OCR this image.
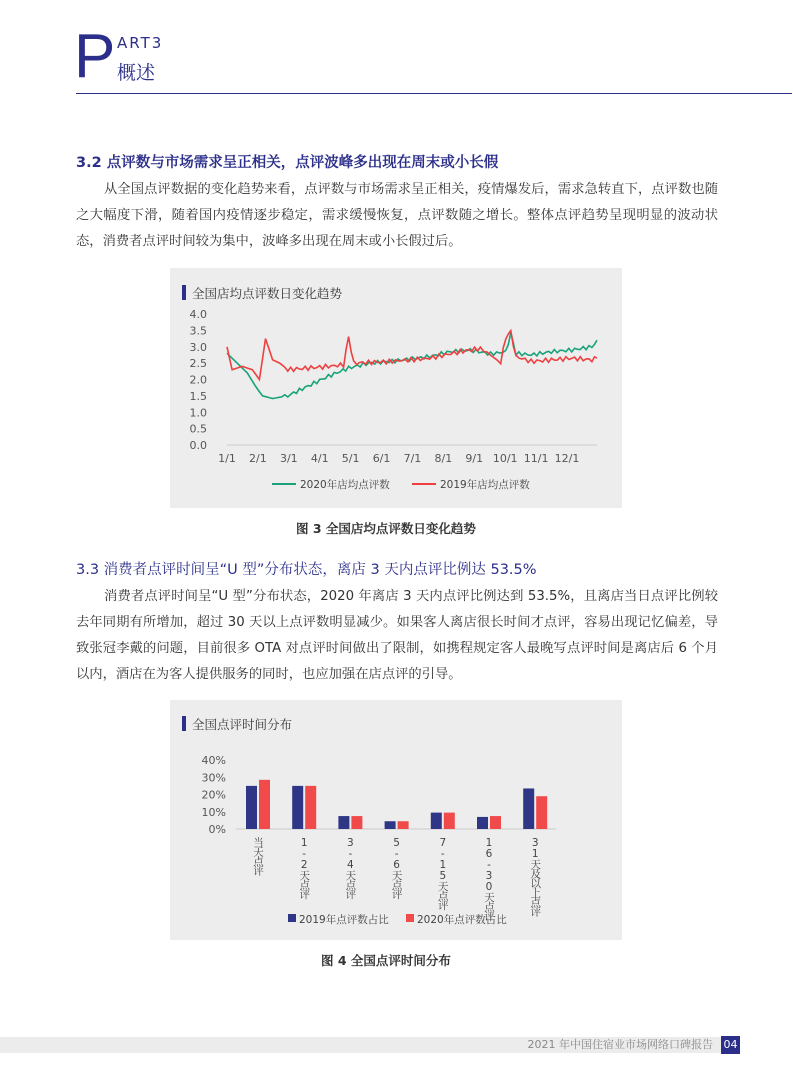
P ART3
概述
3.2 点评数与市场需求呈正相关，点评波峰多出现在周末或小长假
从全国点评数据的变化趋势来看，点评数与市场需求呈正相关，疫情爆发后，需求急转直下，点评数也随之大幅度下滑，随着国内疫情逐步稳定，需求缓慢恢复，点评数随之增长。整体点评趋势呈现明显的波动状态，消费者点评时间较为集中，波峰多出现在周末或小长假过后。
全国店均点评数日变化趋势
4.0
3.5
3.0
2.5
2.0
1.5
1.0
0.5
0.0
1/1 2/1 3/1 4/1 5/1 6/1 7/1 8/1 9/1 10/1 11/1 12/1
2020年店均点评数	2019年店均点评数
图 3 全国店均点评数日变化趋势
3.3 消费者点评时间呈“U 型”分布状态，离店 3 天内点评比例达 53.5%
消费者点评时间呈“U 型”分布状态，2020 年离店 3 天内点评比例达到 53.5%，且离店当日点评比例较去年同期有所增加，超过 30 天以上点评数明显减少。如果客人离店很长时间才点评，容易出现记忆偏差，导致张冠李戴的问题，目前很多 OTA 对点评时间做出了限制，如携程规定客人最晚写点评时间是离店后 6 个月以内，酒店在为客人提供服务的同时，也应加强在店点评的引导。
全国点评时间分布
40%
30%
20%
10%
0%
当天点评	1-2天点评	3-4天点评	5-6天点评	7-15天点评	16-30天点评	31天及以上点评
2019年点评数占比	2020年点评数占比
图 4 全国点评时间分布
2021 年中国住宿业市场网络口碑报告 04
